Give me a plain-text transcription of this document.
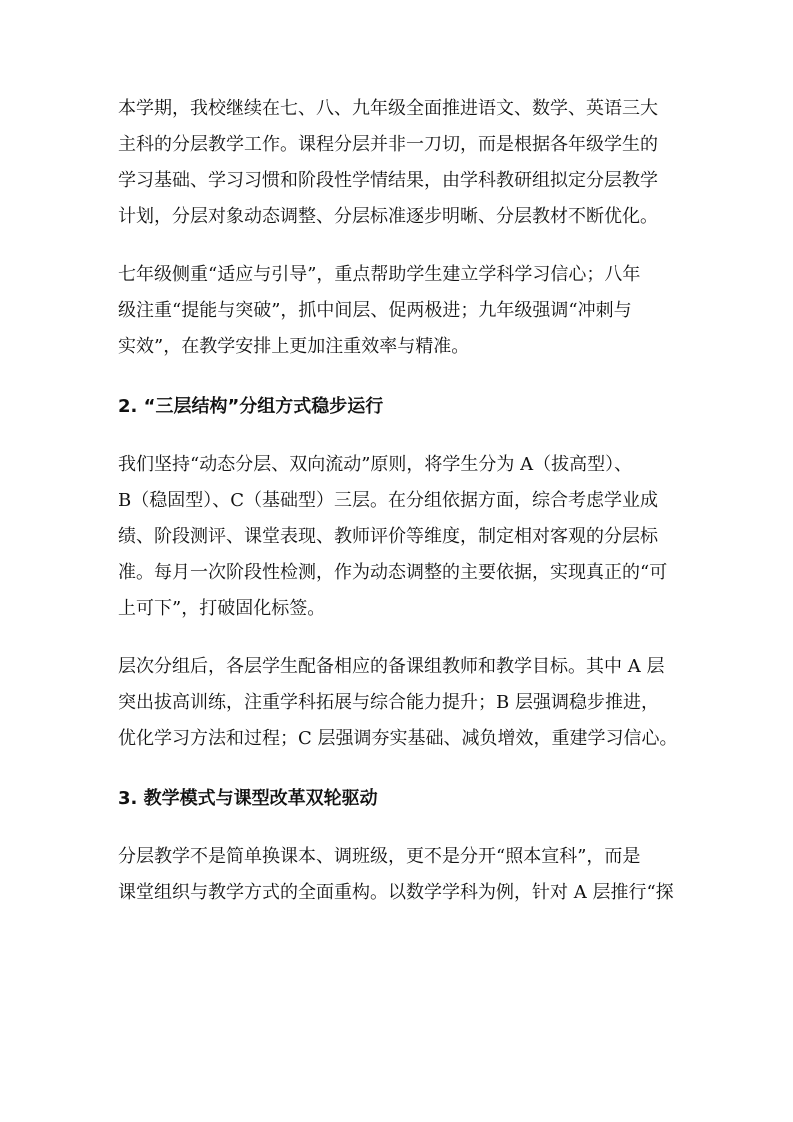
本学期，我校继续在七、八、九年级全面推进语文、数学、英语三大
主科的分层教学工作。课程分层并非一刀切，而是根据各年级学生的
学习基础、学习习惯和阶段性学情结果，由学科教研组拟定分层教学
计划，分层对象动态调整、分层标准逐步明晰、分层教材不断优化。

七年级侧重“适应与引导”，重点帮助学生建立学科学习信心；八年
级注重“提能与突破”，抓中间层、促两极进；九年级强调“冲刺与
实效”，在教学安排上更加注重效率与精准。

2. “三层结构”分组方式稳步运行

我们坚持“动态分层、双向流动”原则，将学生分为 A（拔高型）、
B（稳固型）、C（基础型）三层。在分组依据方面，综合考虑学业成
绩、阶段测评、课堂表现、教师评价等维度，制定相对客观的分层标
准。每月一次阶段性检测，作为动态调整的主要依据，实现真正的“可
上可下”，打破固化标签。

层次分组后，各层学生配备相应的备课组教师和教学目标。其中 A 层
突出拔高训练，注重学科拓展与综合能力提升；B 层强调稳步推进，
优化学习方法和过程；C 层强调夯实基础、减负增效，重建学习信心。

3. 教学模式与课型改革双轮驱动

分层教学不是简单换课本、调班级，更不是分开“照本宣科”，而是
课堂组织与教学方式的全面重构。以数学学科为例，针对 A 层推行“探
